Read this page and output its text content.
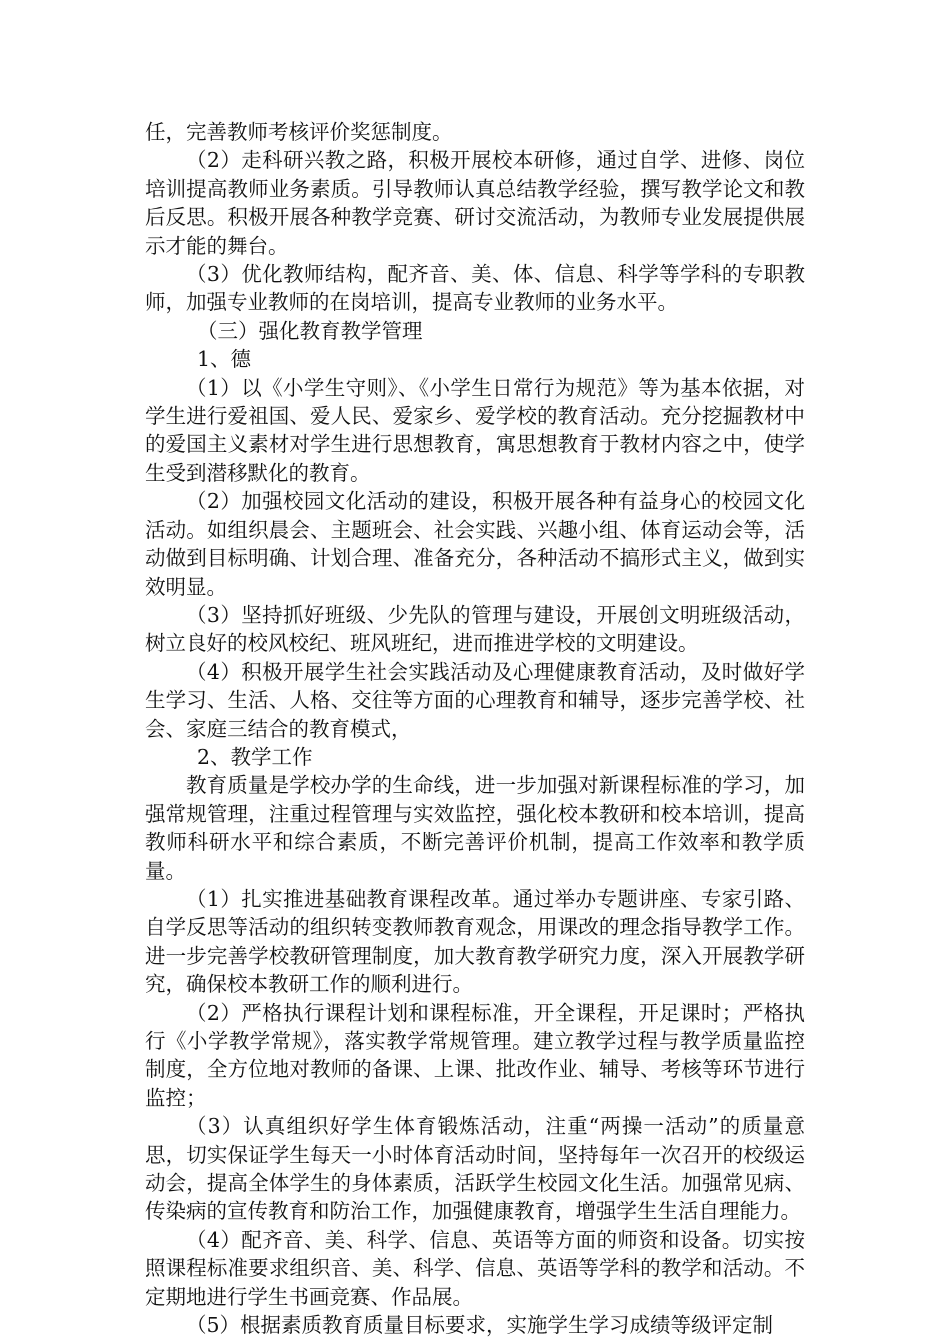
任，完善教师考核评价奖惩制度。

（2）走科研兴教之路，积极开展校本研修，通过自学、进修、岗位培训提高教师业务素质。引导教师认真总结教学经验，撰写教学论文和教后反思。积极开展各种教学竞赛、研讨交流活动，为教师专业发展提供展示才能的舞台。

（3）优化教师结构，配齐音、美、体、信息、科学等学科的专职教师，加强专业教师的在岗培训，提高专业教师的业务水平。

（三）强化教育教学管理

1、德

（1）以《小学生守则》、《小学生日常行为规范》等为基本依据，对学生进行爱祖国、爱人民、爱家乡、爱学校的教育活动。充分挖掘教材中的爱国主义素材对学生进行思想教育，寓思想教育于教材内容之中，使学生受到潜移默化的教育。

（2）加强校园文化活动的建设，积极开展各种有益身心的校园文化活动。如组织晨会、主题班会、社会实践、兴趣小组、体育运动会等，活动做到目标明确、计划合理、准备充分，各种活动不搞形式主义，做到实效明显。

（3）坚持抓好班级、少先队的管理与建设，开展创文明班级活动，树立良好的校风校纪、班风班纪，进而推进学校的文明建设。

（4）积极开展学生社会实践活动及心理健康教育活动，及时做好学生学习、生活、人格、交往等方面的心理教育和辅导，逐步完善学校、社会、家庭三结合的教育模式，

2、教学工作

教育质量是学校办学的生命线，进一步加强对新课程标准的学习，加强常规管理，注重过程管理与实效监控，强化校本教研和校本培训，提高教师科研水平和综合素质，不断完善评价机制，提高工作效率和教学质量。

（1）扎实推进基础教育课程改革。通过举办专题讲座、专家引路、自学反思等活动的组织转变教师教育观念，用课改的理念指导教学工作。进一步完善学校教研管理制度，加大教育教学研究力度，深入开展教学研究，确保校本教研工作的顺利进行。

（2）严格执行课程计划和课程标准，开全课程，开足课时；严格执行《小学教学常规》，落实教学常规管理。建立教学过程与教学质量监控制度，全方位地对教师的备课、上课、批改作业、辅导、考核等环节进行监控；

（3）认真组织好学生体育锻炼活动，注重“两操一活动”的质量意思，切实保证学生每天一小时体育活动时间，坚持每年一次召开的校级运动会，提高全体学生的身体素质，活跃学生校园文化生活。加强常见病、传染病的宣传教育和防治工作，加强健康教育，增强学生生活自理能力。

（4）配齐音、美、科学、信息、英语等方面的师资和设备。切实按照课程标准要求组织音、美、科学、信息、英语等学科的教学和活动。不定期地进行学生书画竞赛、作品展。

（5）根据素质教育质量目标要求，实施学生学习成绩等级评定制
